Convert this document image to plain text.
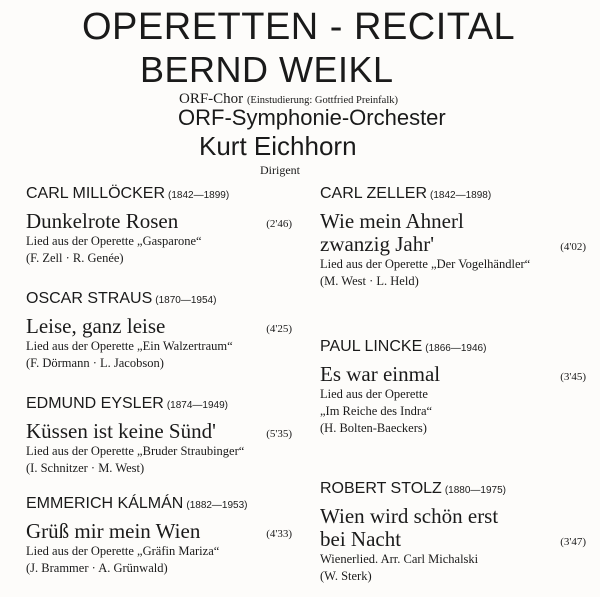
OPERETTEN - RECITAL
BERND WEIKL
ORF-Chor (Einstudierung: Gottfried Preinfalk)
ORF-Symphonie-Orchester
Kurt Eichhorn
Dirigent
CARL MILLÖCKER (1842—1899)
Dunkelrote Rosen	(2'46)
Lied aus der Operette „Gasparone“
(F. Zell · R. Genée)
OSCAR STRAUS (1870—1954)
Leise, ganz leise	(4'25)
Lied aus der Operette „Ein Walzertraum“
(F. Dörmann · L. Jacobson)
EDMUND EYSLER (1874—1949)
Küssen ist keine Sünd'	(5'35)
Lied aus der Operette „Bruder Straubinger“
(I. Schnitzer · M. West)
EMMERICH KÁLMÁN (1882—1953)
Grüß mir mein Wien	(4'33)
Lied aus der Operette „Gräfin Mariza“
(J. Brammer · A. Grünwald)
CARL ZELLER (1842—1898)
Wie mein Ahnerl
zwanzig Jahr'	(4'02)
Lied aus der Operette „Der Vogelhändler“
(M. West · L. Held)
PAUL LINCKE (1866—1946)
Es war einmal	(3'45)
Lied aus der Operette
„Im Reiche des Indra“
(H. Bolten-Baeckers)
ROBERT STOLZ (1880—1975)
Wien wird schön erst
bei Nacht	(3'47)
Wienerlied. Arr. Carl Michalski
(W. Sterk)
